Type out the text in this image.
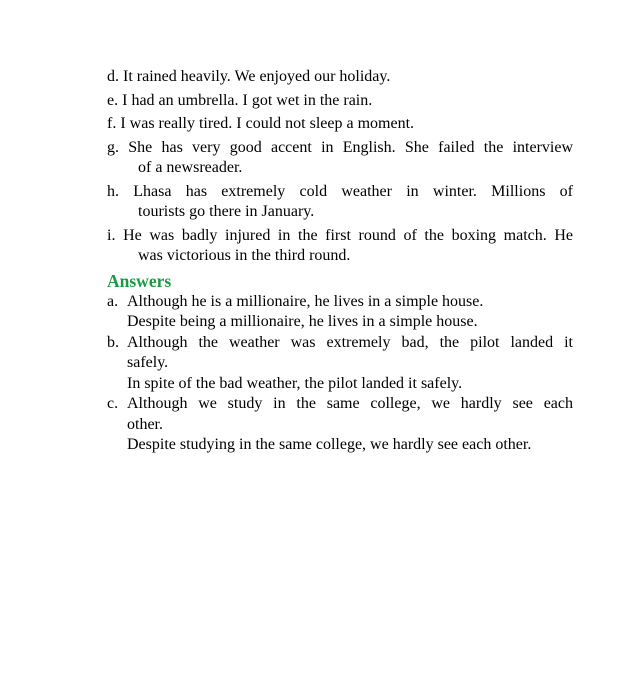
d. It rained heavily. We enjoyed our holiday.

e. I had an umbrella. I got wet in the rain.

f. I was really tired. I could not sleep a moment.

g. She has very good accent in English. She failed the interview
of a newsreader.
h. Lhasa has extremely cold weather in winter. Millions of
tourists go there in January.
i. He was badly injured in the first round of the boxing match. He
was victorious in the third round.
Answers
a. Although he is a millionaire, he lives in a simple house.

Despite being a millionaire, he lives in a simple house.

b. Although the weather was extremely bad, the pilot landed it

safely.

In spite of the bad weather, the pilot landed it safely.

c. Although we study in the same college, we hardly see each

other.

Despite studying in the same college, we hardly see each other.
